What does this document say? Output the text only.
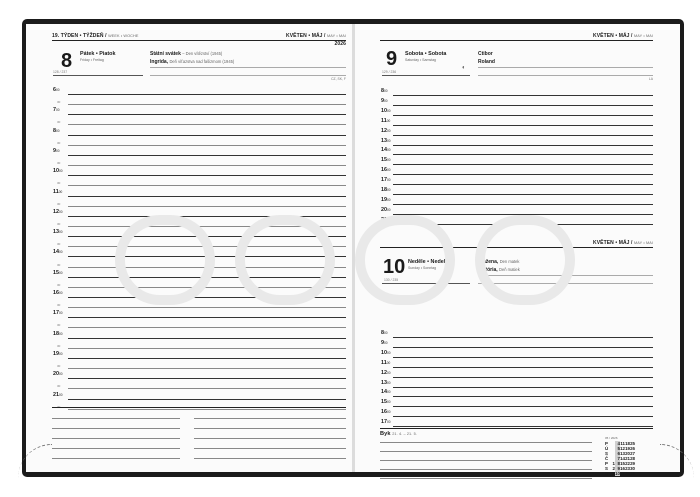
19. TÝDEN • TÝŽDEŇ / WEEK • WOCHE	KVĚTEN • MÁJ / MAY • MAI
2026
8 Pátek • Piatok
Friday • Freitag
128 / 237
Státní svátek – Den vítězství (1945)
Ingrida, Deň víťazstva nad fašizmom (1945)
CZ, SK, F
$6^{00}$
30
$7^{00}$
30
$8^{00}$
30
$9^{00}$
30
$10^{00}$
30
$11^{00}$
30
$12^{00}$
30
$13^{00}$
30
$14^{00}$
30
$15^{00}$
30
$16^{00}$
30
$17^{00}$
30
$18^{00}$
30
$19^{00}$
30
$20^{00}$
30
$21^{00}$
30
KVĚTEN • MÁJ / MAY • MAI
9 Sobota • Sobota
Saturday • Samstag
129 / 236
◐
Ctibor
Roland
LA
$8^{00}$
$9^{00}$
$10^{00}$
$11^{00}$
$12^{00}$
$13^{00}$
$14^{00}$
$15^{00}$
$16^{00}$
$17^{00}$
$18^{00}$
$19^{00}$
$20^{00}$
$21^{00}$
KVĚTEN • MÁJ / MAY • MAI
10 Neděle • Nedeľa
Sunday • Sonntag
130 / 235
Blažena, Den matek
Viktória, Deň matiek
$8^{00}$
$9^{00}$
$10^{00}$
$11^{00}$
$12^{00}$
$13^{00}$
$14^{00}$
$15^{00}$
$16^{00}$
$17^{00}$
Byk 21. 4. – 21. 5.
05 / 2026
P 4111825
Ú 5121926
S 6132027
Č 7142128
P 1 8152229
S 2 9162330
N 310172431
